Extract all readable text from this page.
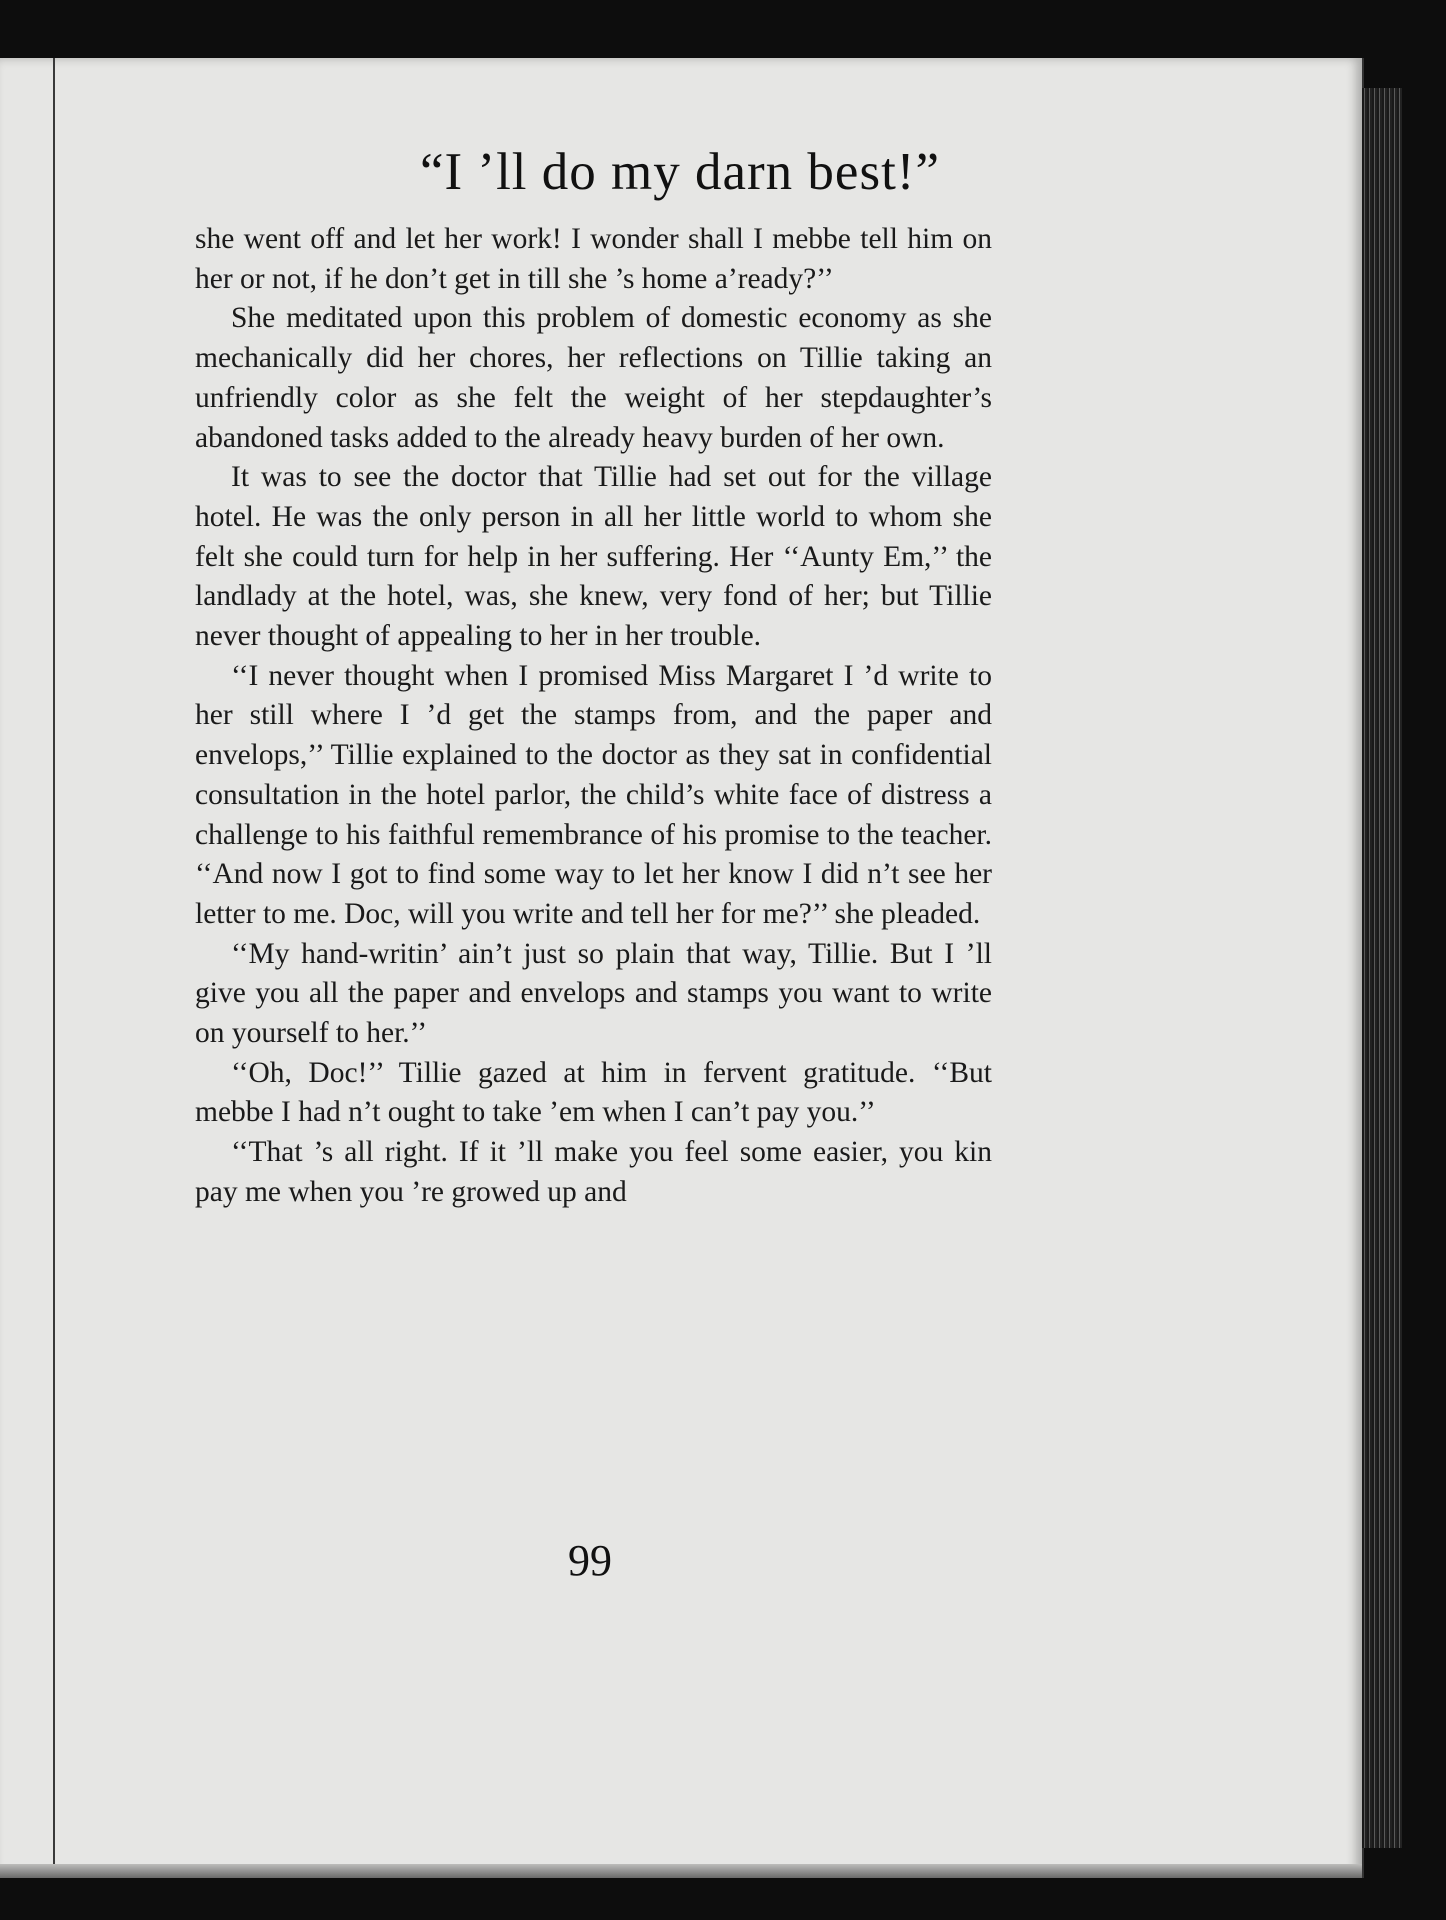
“I ’ll do my darn best!”

she went off and let her work! I wonder shall I mebbe tell him on her or not, if he don’t get in till she ’s home a’ready?’’

She meditated upon this problem of domestic economy as she mechanically did her chores, her reflections on Tillie taking an unfriendly color as she felt the weight of her stepdaughter’s abandoned tasks added to the already heavy burden of her own.

It was to see the doctor that Tillie had set out for the village hotel. He was the only person in all her little world to whom she felt she could turn for help in her suffering. Her ‘‘Aunty Em,’’ the landlady at the hotel, was, she knew, very fond of her; but Tillie never thought of appealing to her in her trouble.

‘‘I never thought when I promised Miss Margaret I ’d write to her still where I ’d get the stamps from, and the paper and envelops,’’ Tillie explained to the doctor as they sat in confidential consultation in the hotel parlor, the child’s white face of distress a challenge to his faithful remembrance of his promise to the teacher. ‘‘And now I got to find some way to let her know I did n’t see her letter to me. Doc, will you write and tell her for me?’’ she pleaded.

‘‘My hand-writin’ ain’t just so plain that way, Tillie. But I ’ll give you all the paper and envelops and stamps you want to write on yourself to her.’’

‘‘Oh, Doc!’’ Tillie gazed at him in fervent gratitude. ‘‘But mebbe I had n’t ought to take ’em when I can’t pay you.’’

‘‘That ’s all right. If it ’ll make you feel some easier, you kin pay me when you ’re growed up and

99
